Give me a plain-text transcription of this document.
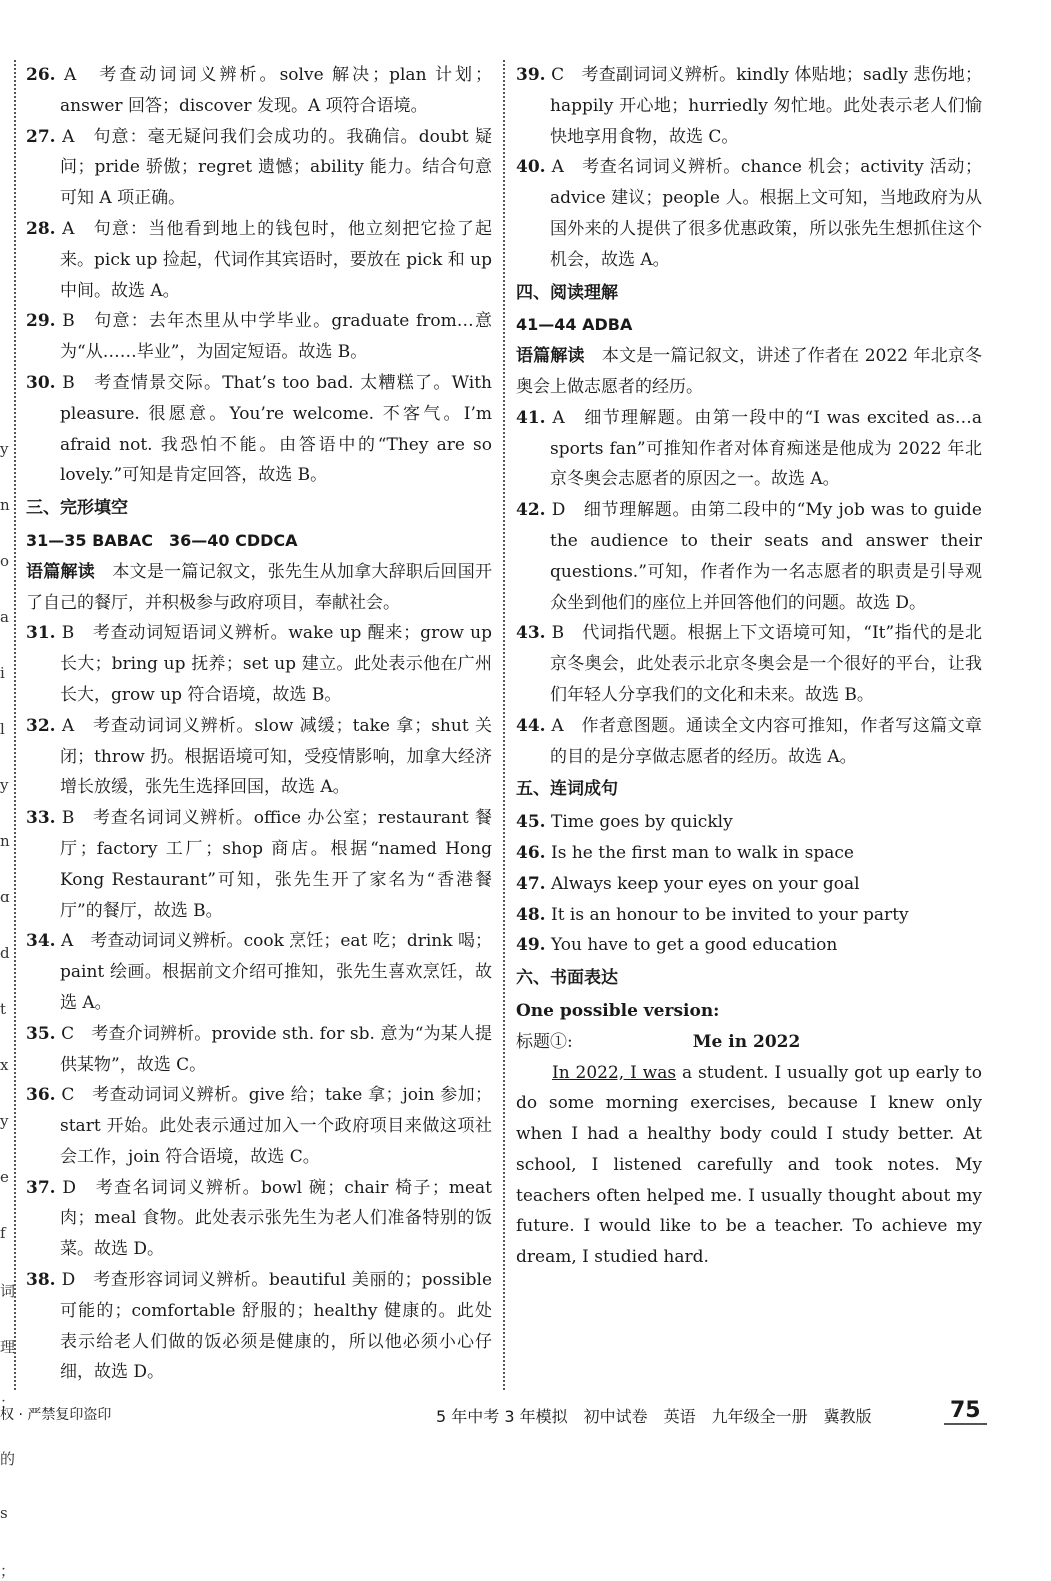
y
n
o
a
i
l
y
n
ɑ
d
t
x
y
e
f
词
理
；
的
s
；

26. A　考查动词词义辨析。solve 解决；plan 计划；answer 回答；discover 发现。A 项符合语境。

27. A　句意：毫无疑问我们会成功的。我确信。doubt 疑问；pride 骄傲；regret 遗憾；ability 能力。结合句意可知 A 项正确。

28. A　句意：当他看到地上的钱包时，他立刻把它捡了起来。pick up 捡起，代词作其宾语时，要放在 pick 和 up 中间。故选 A。

29. B　句意：去年杰里从中学毕业。graduate from…意为“从……毕业”，为固定短语。故选 B。

30. B　考查情景交际。That’s too bad. 太糟糕了。With pleasure. 很愿意。You’re welcome. 不客气。I’m afraid not. 我恐怕不能。由答语中的“They are so lovely.”可知是肯定回答，故选 B。

三、完形填空
31—35 BABAC　36—40 CDDCA

语篇解读　 本文是一篇记叙文，张先生从加拿大辞职后回国开了自己的餐厅，并积极参与政府项目，奉献社会。

31. B　考查动词短语词义辨析。wake up 醒来；grow up 长大；bring up 抚养；set up 建立。此处表示他在广州长大，grow up 符合语境，故选 B。

32. A　考查动词词义辨析。slow 减缓；take 拿；shut 关闭；throw 扔。根据语境可知，受疫情影响，加拿大经济增长放缓，张先生选择回国，故选 A。

33. B　考查名词词义辨析。office 办公室；restaurant 餐厅；factory 工厂；shop 商店。根据“named Hong Kong Restaurant”可知，张先生开了家名为“香港餐厅”的餐厅，故选 B。

34. A　考查动词词义辨析。cook 烹饪；eat 吃；drink 喝；paint 绘画。根据前文介绍可推知，张先生喜欢烹饪，故选 A。

35. C　考查介词辨析。provide sth. for sb. 意为“为某人提供某物”，故选 C。

36. C　考查动词词义辨析。give 给；take 拿；join 参加；start 开始。此处表示通过加入一个政府项目来做这项社会工作，join 符合语境，故选 C。

37. D　考查名词词义辨析。bowl 碗；chair 椅子；meat 肉；meal 食物。此处表示张先生为老人们准备特别的饭菜。故选 D。

38. D　考查形容词词义辨析。beautiful 美丽的；possible 可能的；comfortable 舒服的；healthy 健康的。此处表示给老人们做的饭必须是健康的，所以他必须小心仔细，故选 D。

39. C　考查副词词义辨析。kindly 体贴地；sadly 悲伤地；happily 开心地；hurriedly 匆忙地。此处表示老人们愉快地享用食物，故选 C。

40. A　考查名词词义辨析。chance 机会；activity 活动；advice 建议；people 人。根据上文可知，当地政府为从国外来的人提供了很多优惠政策，所以张先生想抓住这个机会，故选 A。

四、阅读理解
41—44 ADBA

语篇解读　 本文是一篇记叙文，讲述了作者在 2022 年北京冬奥会上做志愿者的经历。

41. A　细节理解题。由第一段中的“I was excited as…a sports fan”可推知作者对体育痴迷是他成为 2022 年北京冬奥会志愿者的原因之一。故选 A。

42. D　细节理解题。由第二段中的“My job was to guide the audience to their seats and answer their questions.”可知，作者作为一名志愿者的职责是引导观众坐到他们的座位上并回答他们的问题。故选 D。

43. B　代词指代题。根据上下文语境可知，“It”指代的是北京冬奥会，此处表示北京冬奥会是一个很好的平台，让我们年轻人分享我们的文化和未来。故选 B。

44. A　作者意图题。通读全文内容可推知，作者写这篇文章的目的是分享做志愿者的经历。故选 A。

五、连词成句

45. Time goes by quickly

46. Is he the first man to walk in space

47. Always keep your eyes on your goal

48. It is an honour to be invited to your party

49. You have to get a good education

六、书面表达

One possible version:

标题①:	Me in 2022

In 2022, I was a student. I usually got up early to do some morning exercises, because I knew only when I had a healthy body could I study better. At school, I listened carefully and took notes. My teachers often helped me. I usually thought about my future. I would like to be a teacher. To achieve my dream, I studied hard.

权 · 严禁复印盗印	5 年中考 3 年模拟　初中试卷　英语　九年级全一册　冀教版	75
